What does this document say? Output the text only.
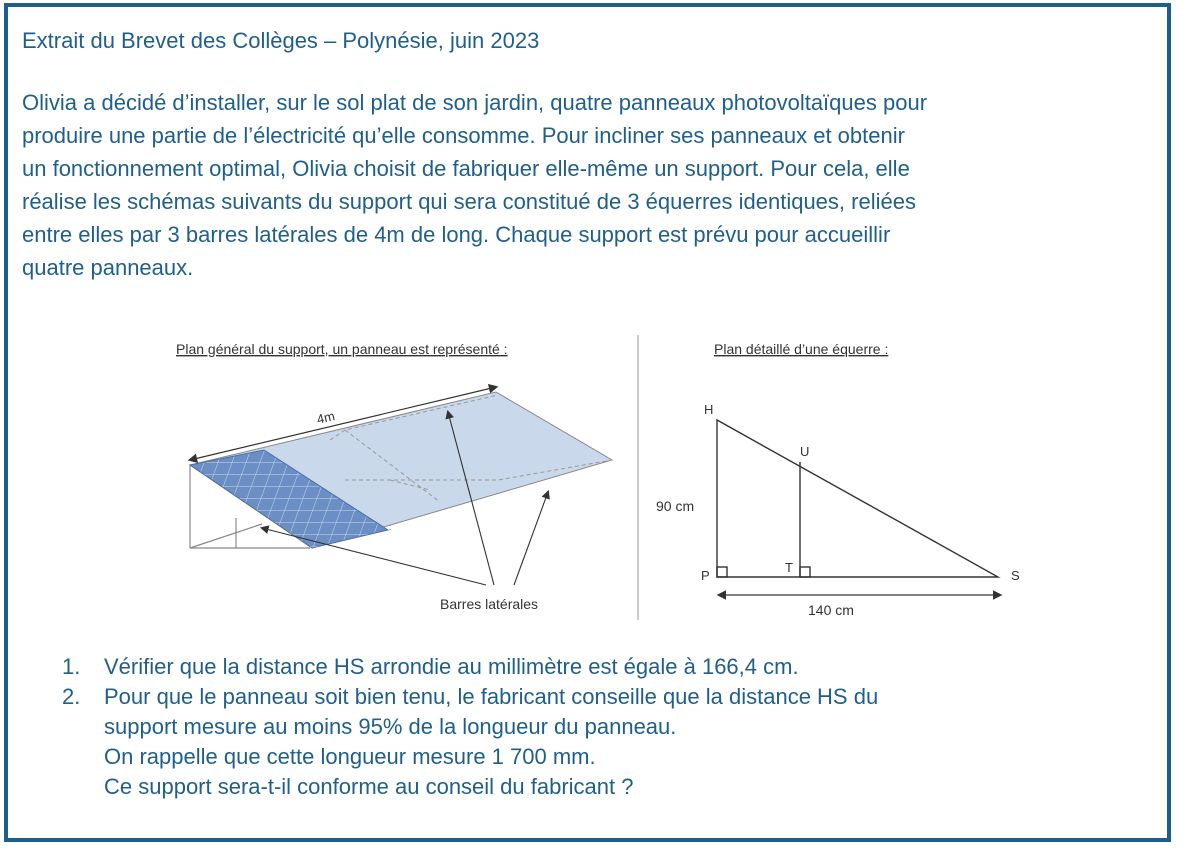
Extrait du Brevet des Collèges – Polynésie, juin 2023
Olivia a décidé d’installer, sur le sol plat de son jardin, quatre panneaux photovoltaïques pour
produire une partie de l’électricité qu’elle consomme. Pour incliner ses panneaux et obtenir
un fonctionnement optimal, Olivia choisit de fabriquer elle-même un support. Pour cela, elle
réalise les schémas suivants du support qui sera constitué de 3 équerres identiques, reliées
entre elles par 3 barres latérales de 4m de long. Chaque support est prévu pour accueillir
quatre panneaux.
Plan général du support, un panneau est représenté :
4m
Barres latérales
Plan détaillé d’une équerre :
H
U
P
T
S
90 cm
140 cm
1. Vérifier que la distance HS arrondie au millimètre est égale à 166,4 cm.
2. Pour que le panneau soit bien tenu, le fabricant conseille que la distance HS du
support mesure au moins 95% de la longueur du panneau.
On rappelle que cette longueur mesure 1 700 mm.
Ce support sera-t-il conforme au conseil du fabricant ?
